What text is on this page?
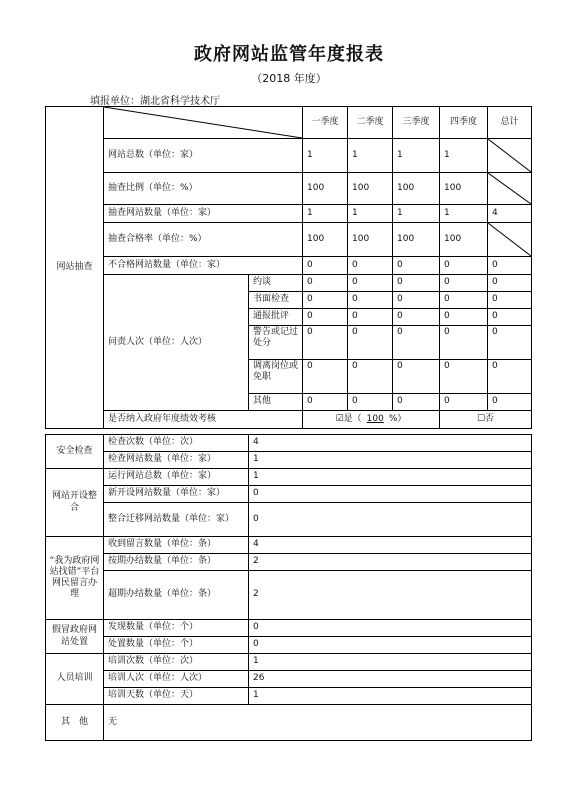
政府网站监管年度报表
（2018 年度）
填报单位：湖北省科学技术厅
网站抽查			一季度	二季度	三季度	四季度	总计
	网站总数（单位：家）		1	1	1	1	

	抽查比例（单位：%）		100	100	100	100	

	抽查网站数量（单位：家）		1	1	1	1	4
	抽查合格率（单位：%）		100	100	100	100	

	不合格网站数量（单位：家）		0	0	0	0	0
	问责人次（单位：人次）	约谈	0	0	0	0	0
		书面检查	0	0	0	0	0
		通报批评	0	0	0	0	0
		警告或记过处分	0	0	0	0	0
		调离岗位或免职	0	0	0	0	0
		其他	0	0	0	0	0
	是否纳入政府年度绩效考核		☑是（ 100 %）			☐否	
安全检查	检查次数（单位：次）	4
	检查网站数量（单位：家）	1
网站开设整合	运行网站总数（单位：家）	1
	新开设网站数量（单位：家）	0
	整合迁移网站数量（单位：家）	0
“我为政府网站找错”平台网民留言办理	收到留言数量（单位：条）	4
	按期办结数量（单位：条）	2
	超期办结数量（单位：条）	2
假冒政府网站处置	发现数量（单位：个）	0
	处置数量（单位：个）	0
人员培训	培训次数（单位：次）	1
	培训人次（单位：人次）	26
	培训天数（单位：天）	1
其　他	无	
